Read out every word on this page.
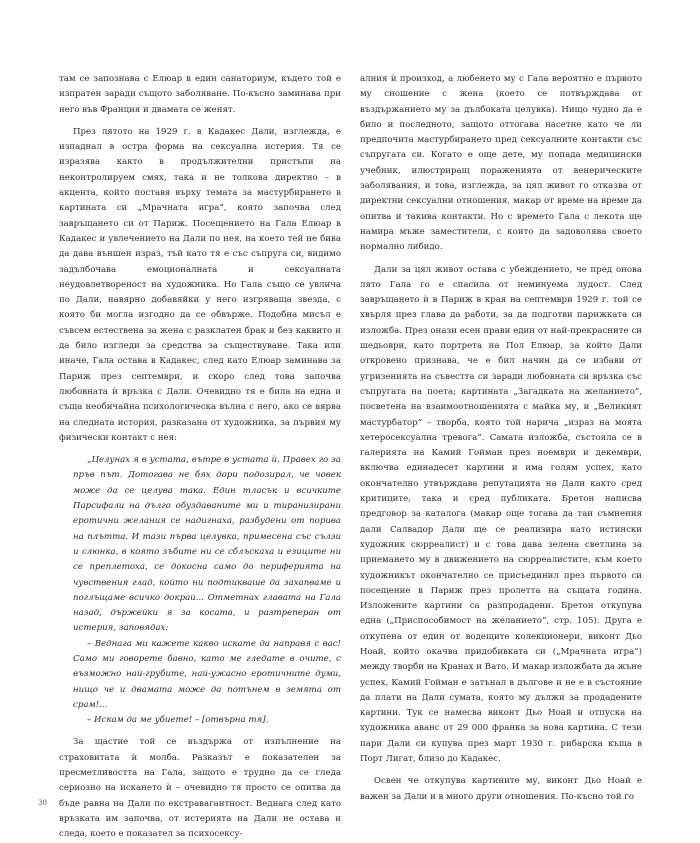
там се запознава с Елюар в един санаториум, където той е изпратен заради същото заболяване. По-късно заминава при него във Франция и двамата се женят.

През лятото на 1929 г. в Кадакес Дали, изглежда, е изпаднал в остра форма на сексуална истерия. Тя се изразява както в продължителни пристъпи на неконтролируем смях, така и не толкова директно – в акцента, който поставя върху темата за мастурбирането в картината си „Мрачната игра“, която започва след завръщането си от Париж. Посещението на Гала Елюар в Кадакес и увлечението на Дали по нея, на което тей не бива да дава външен израз, тъй като тя е със съпруга си, видимо задълбочава емоционалната и сексуалната неудовлетвореност на художника. Но Гала също се увлича по Дали, навярно добавяйки у него изгряваща звезда, с която би могла изгодно да се обвърже. Подобна мисъл е съвсем естествена за жена с разклатен брак и без каквито и да било изгледи за средства за съществуване. Така или иначе, Гала остава в Кадакес, след като Елюар заминава за Париж през септември, и скоро след това започва любовната ѝ връзка с Дали. Очевидно тя е била на една и съща необичайна психологическа вълна с него, ако се вярва на следната история, разказана от художника, за първия му физически контакт с нея:

„Целунах я в устата, вътре в устата ѝ. Правех го за пръв път. Дотогава не бях дори подозирал, че човек може да се целува така. Един тласък и всичките Парсифали на дълго обуздаваните ми и тиранизирани еротични желания се надигнаха, разбудени от порива на плътта. И тази първа целувка, примесена със сълзи и слюнка, в която зъбите ни се сблъскаха и езиците ни се преплетоха, се докосна само до периферията на чувствения глад, който ни подтикваше да захапваме и поглъщаме всичко докрай... Отметнах главата на Гала назад, държейки я за косата, и разтреперан от истерия, заповядах:

– Веднага ми кажете какво искате да направя с вас! Само ми говорете бавно, като ме гледате в очите, с възможно най-грубите, най-ужасно еротичните думи, нищо че и двамата може да потънем в земята от срам!...

– Искам да ме убиете! – [отвърна тя].

За щастие той се въздържа от изпълнение на страховитата ѝ молба. Разказът е показателен за пресметливостта на Гала, защото е трудно да се гледа сериозно на искането ѝ – очевидно тя просто се опитва да бъде равна на Дали по екстравагантност. Веднага след като връзката им започва, от истерията на Дали не остава и следа, което е показател за психосексу-

алния ѝ произход, а любенето му с Гала вероятно е първото му сношение с жена (което се потвърждава от въздържанието му за дълбоката целувка). Нищо чудно да е било и последното, защото оттогава насетне като че ли предпочита мастурбирането пред сексуалните контакти със съпругата си. Когато е още дете, му попада медицински учебник, илюстриращ пораженията от венерическите заболявания, и това, изглежда, за цял живот го отказва от директни сексуални отношения, макар от време на време да опитва и такива контакти. Но с времето Гала с лекота ще намира мъже заместители, с които да задоволява своето нормално либидо.

Дали за цял живот остава с убеждението, че пред онова лято Гала го е спасила от неминуема лудост. След завръщането ѝ в Париж в края на септември 1929 г. той се хвърля през глава да работи, за да подготви парижката си изложба. През онази есен прави един от най-прекрасните си шедьоври, като портрета на Пол Елюар, за който Дали откровено признава, че е бил начин да се избави от угризенията на съвестта си заради любовната си връзка със съпругата на поета; картината „Загадката на желанието“, посветена на взаимоотношенията с майка му, и „Великият мастурбатор“ – творба, която той нарича „израз на моята хетеросексуална тревога“. Самата изложба, състояла се в галерията на Камий Гойман през ноември и декември, включва единадесет картини и има голям успех, като окончателно утвърждава репутацията на Дали както сред критиците, така и сред публиката. Бретон написва предговор за каталога (макар още тогава да таи съмнения дали Салвадор Дали ще се реализира като истински художник сюрреалист) и с това дава зелена светлина за приемането му в движението на сюрреалистите, към което художникът окончателно се присъединил през първото си посещение в Париж през пролетта на същата година. Изложените картини са разпродадени. Бретон откупува една („Приспособимост на желанието“, стр. 105). Друга е откупена от един от водещите колекционери, виконт Дьо Ноай, който окачва придобивката си („Мрачната игра“) между творби на Кранах и Вато. И макар изложбата да жъне успех, Камий Гойман е затънал в дългове и не е в състояние да плати на Дали сумата, която му дължи за продадените картини. Тук се намесва виконт Дьо Ноай и отпуска на художника аванс от 29 000 франка за нова картина. С тези пари Дали си купува през март 1930 г. рибарска къща в Порт Лигат, близо до Кадакес.

Освен че откупува картините му, виконт Дьо Ноай е важен за Дали и в много други отношения. По-късно той го

30
